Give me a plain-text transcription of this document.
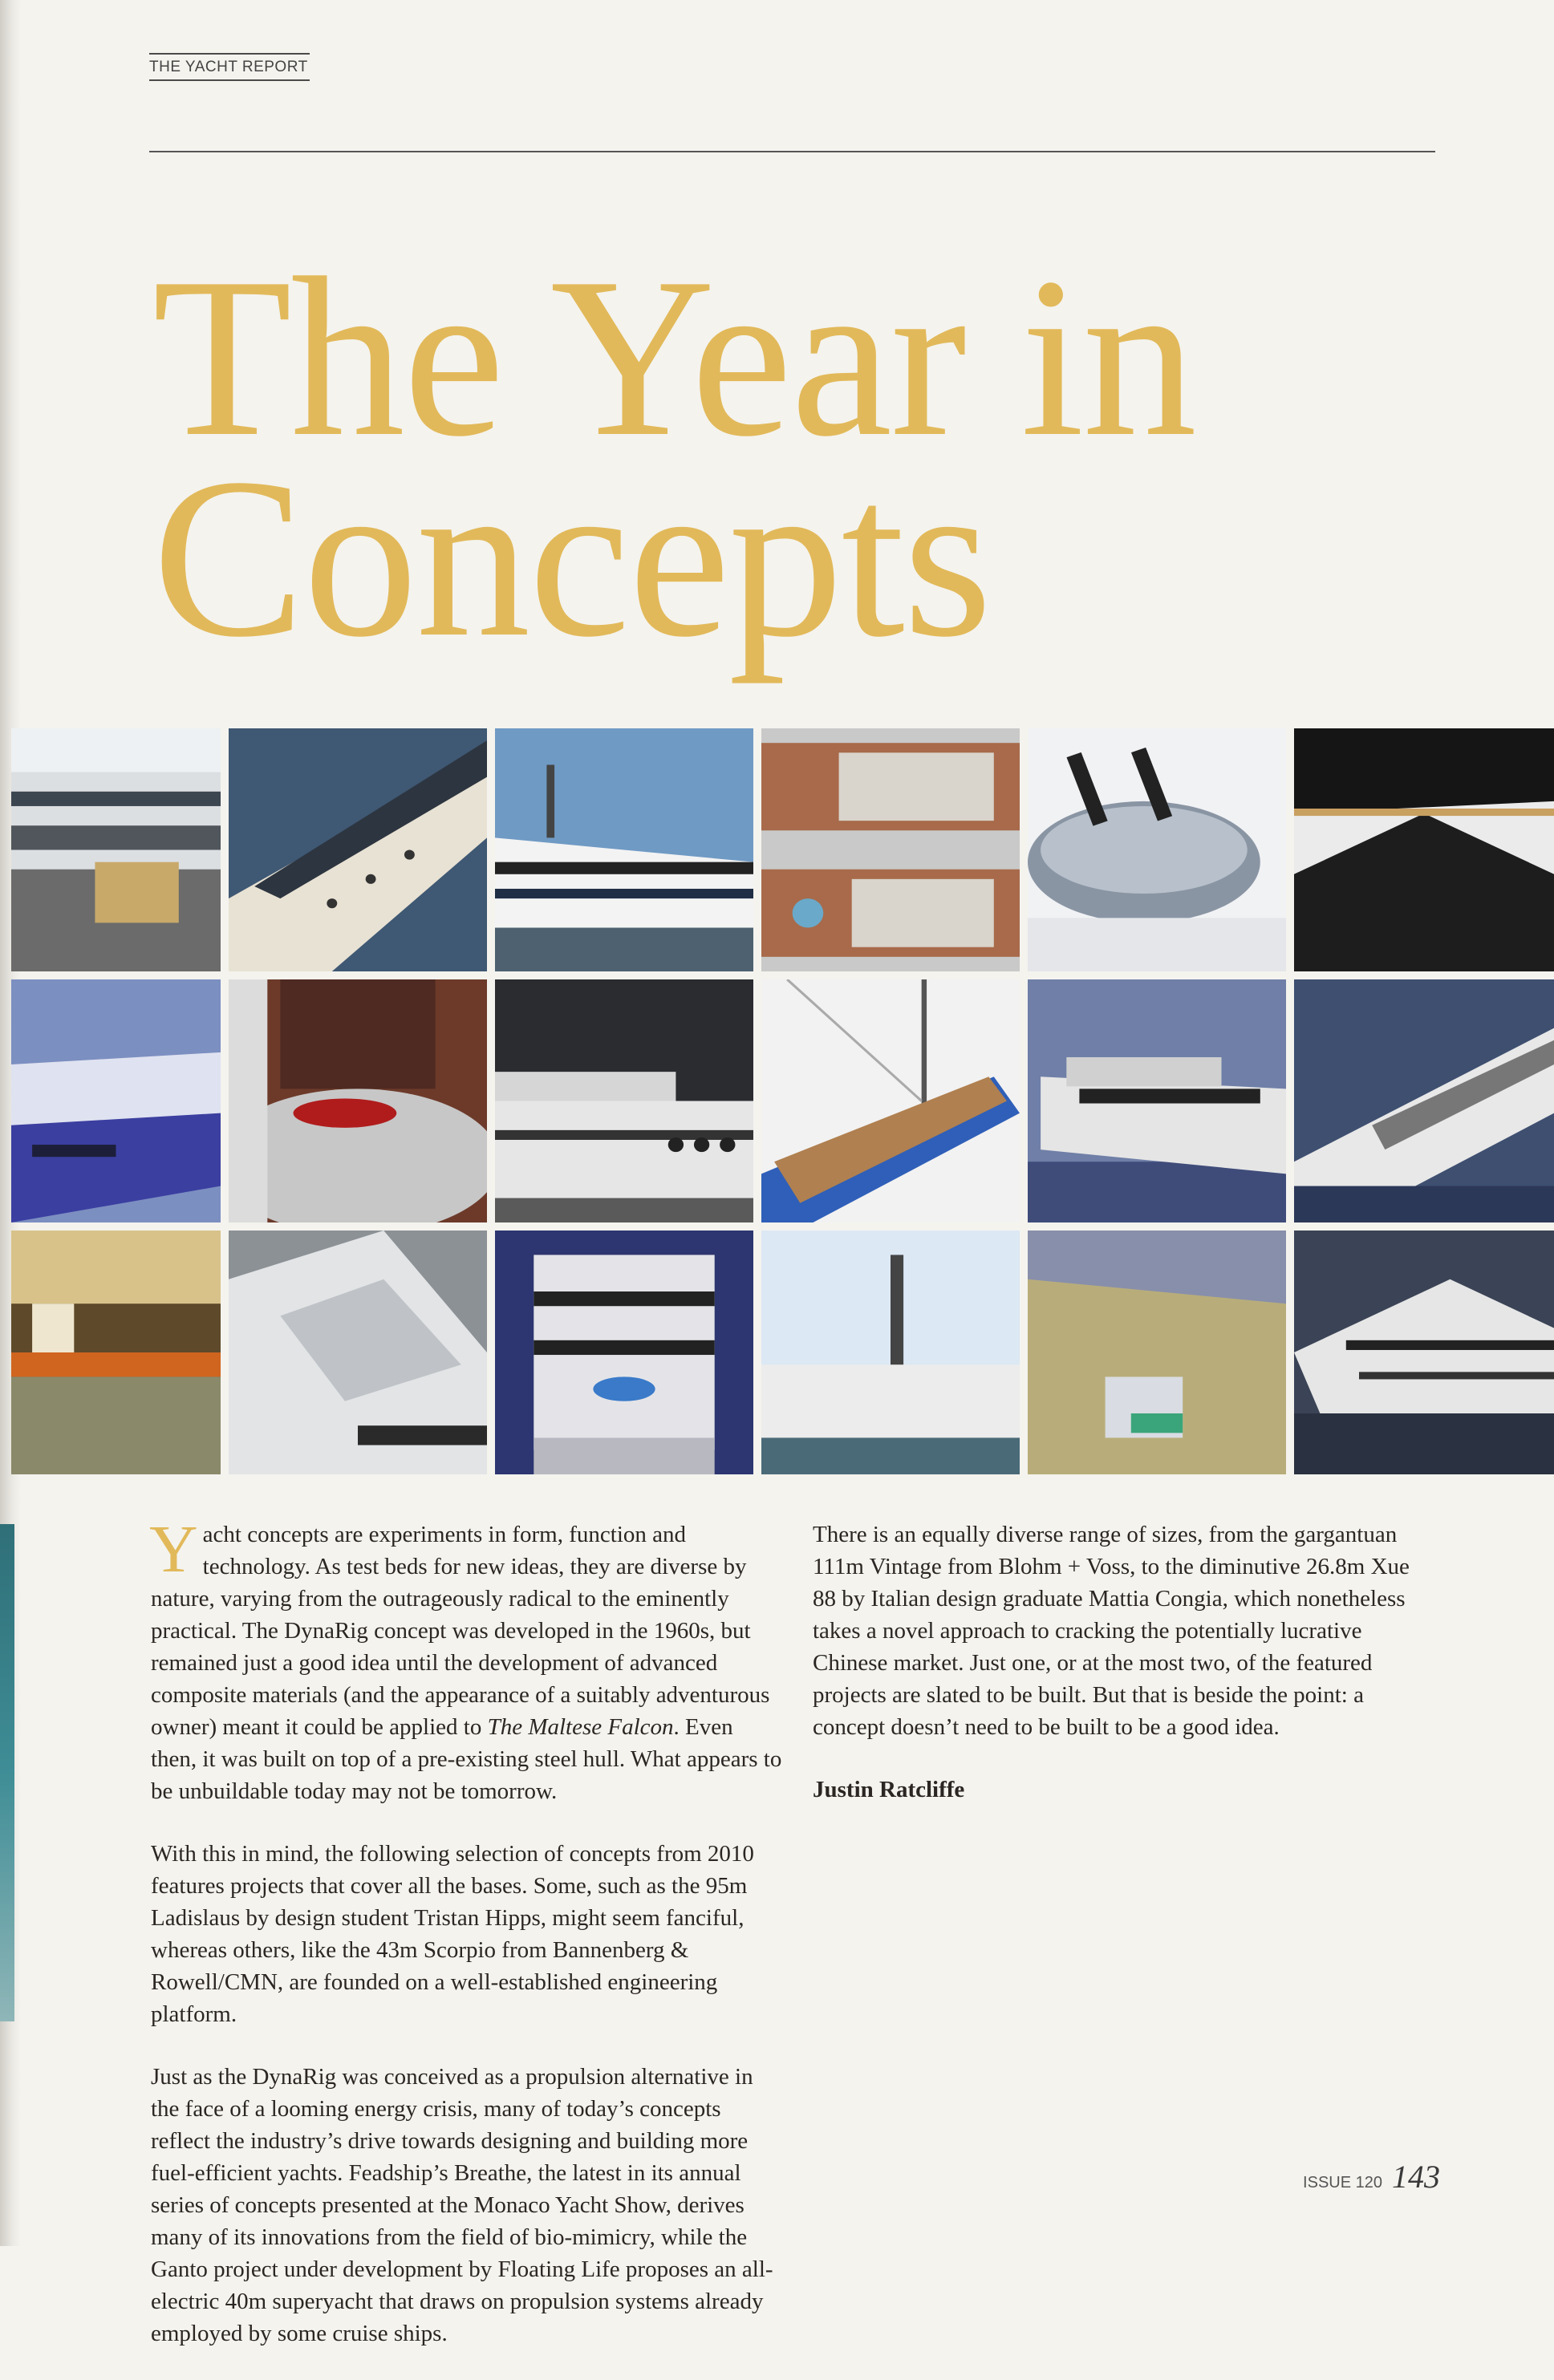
THE YACHT REPORT
The Year in
Concepts

Yacht concepts are experiments in form, function and technology. As test beds for new ideas, they are diverse by nature, varying from the outrageously radical to the eminently practical. The DynaRig concept was developed in the 1960s, but remained just a good idea until the development of advanced composite materials (and the appearance of a suitably adventurous owner) meant it could be applied to The Maltese Falcon. Even then, it was built on top of a pre-existing steel hull. What appears to be unbuildable today may not be tomorrow.

With this in mind, the following selection of concepts from 2010 features projects that cover all the bases. Some, such as the 95m Ladislaus by design student Tristan Hipps, might seem fanciful, whereas others, like the 43m Scorpio from Bannenberg & Rowell/CMN, are founded on a well-established engineering platform.

Just as the DynaRig was conceived as a propulsion alternative in the face of a looming energy crisis, many of today’s concepts reflect the industry’s drive towards designing and building more fuel-efficient yachts. Feadship’s Breathe, the latest in its annual series of concepts presented at the Monaco Yacht Show, derives many of its innovations from the field of bio-mimicry, while the Ganto project under development by Floating Life proposes an all-electric 40m superyacht that draws on propulsion systems already employed by some cruise ships.

There is an equally diverse range of sizes, from the gargantuan 111m Vintage from Blohm + Voss, to the diminutive 26.8m Xue 88 by Italian design graduate Mattia Congia, which nonetheless takes a novel approach to cracking the potentially lucrative Chinese market. Just one, or at the most two, of the featured projects are slated to be built. But that is beside the point: a concept doesn’t need to be built to be a good idea.

Justin Ratcliffe

ISSUE 120 143
